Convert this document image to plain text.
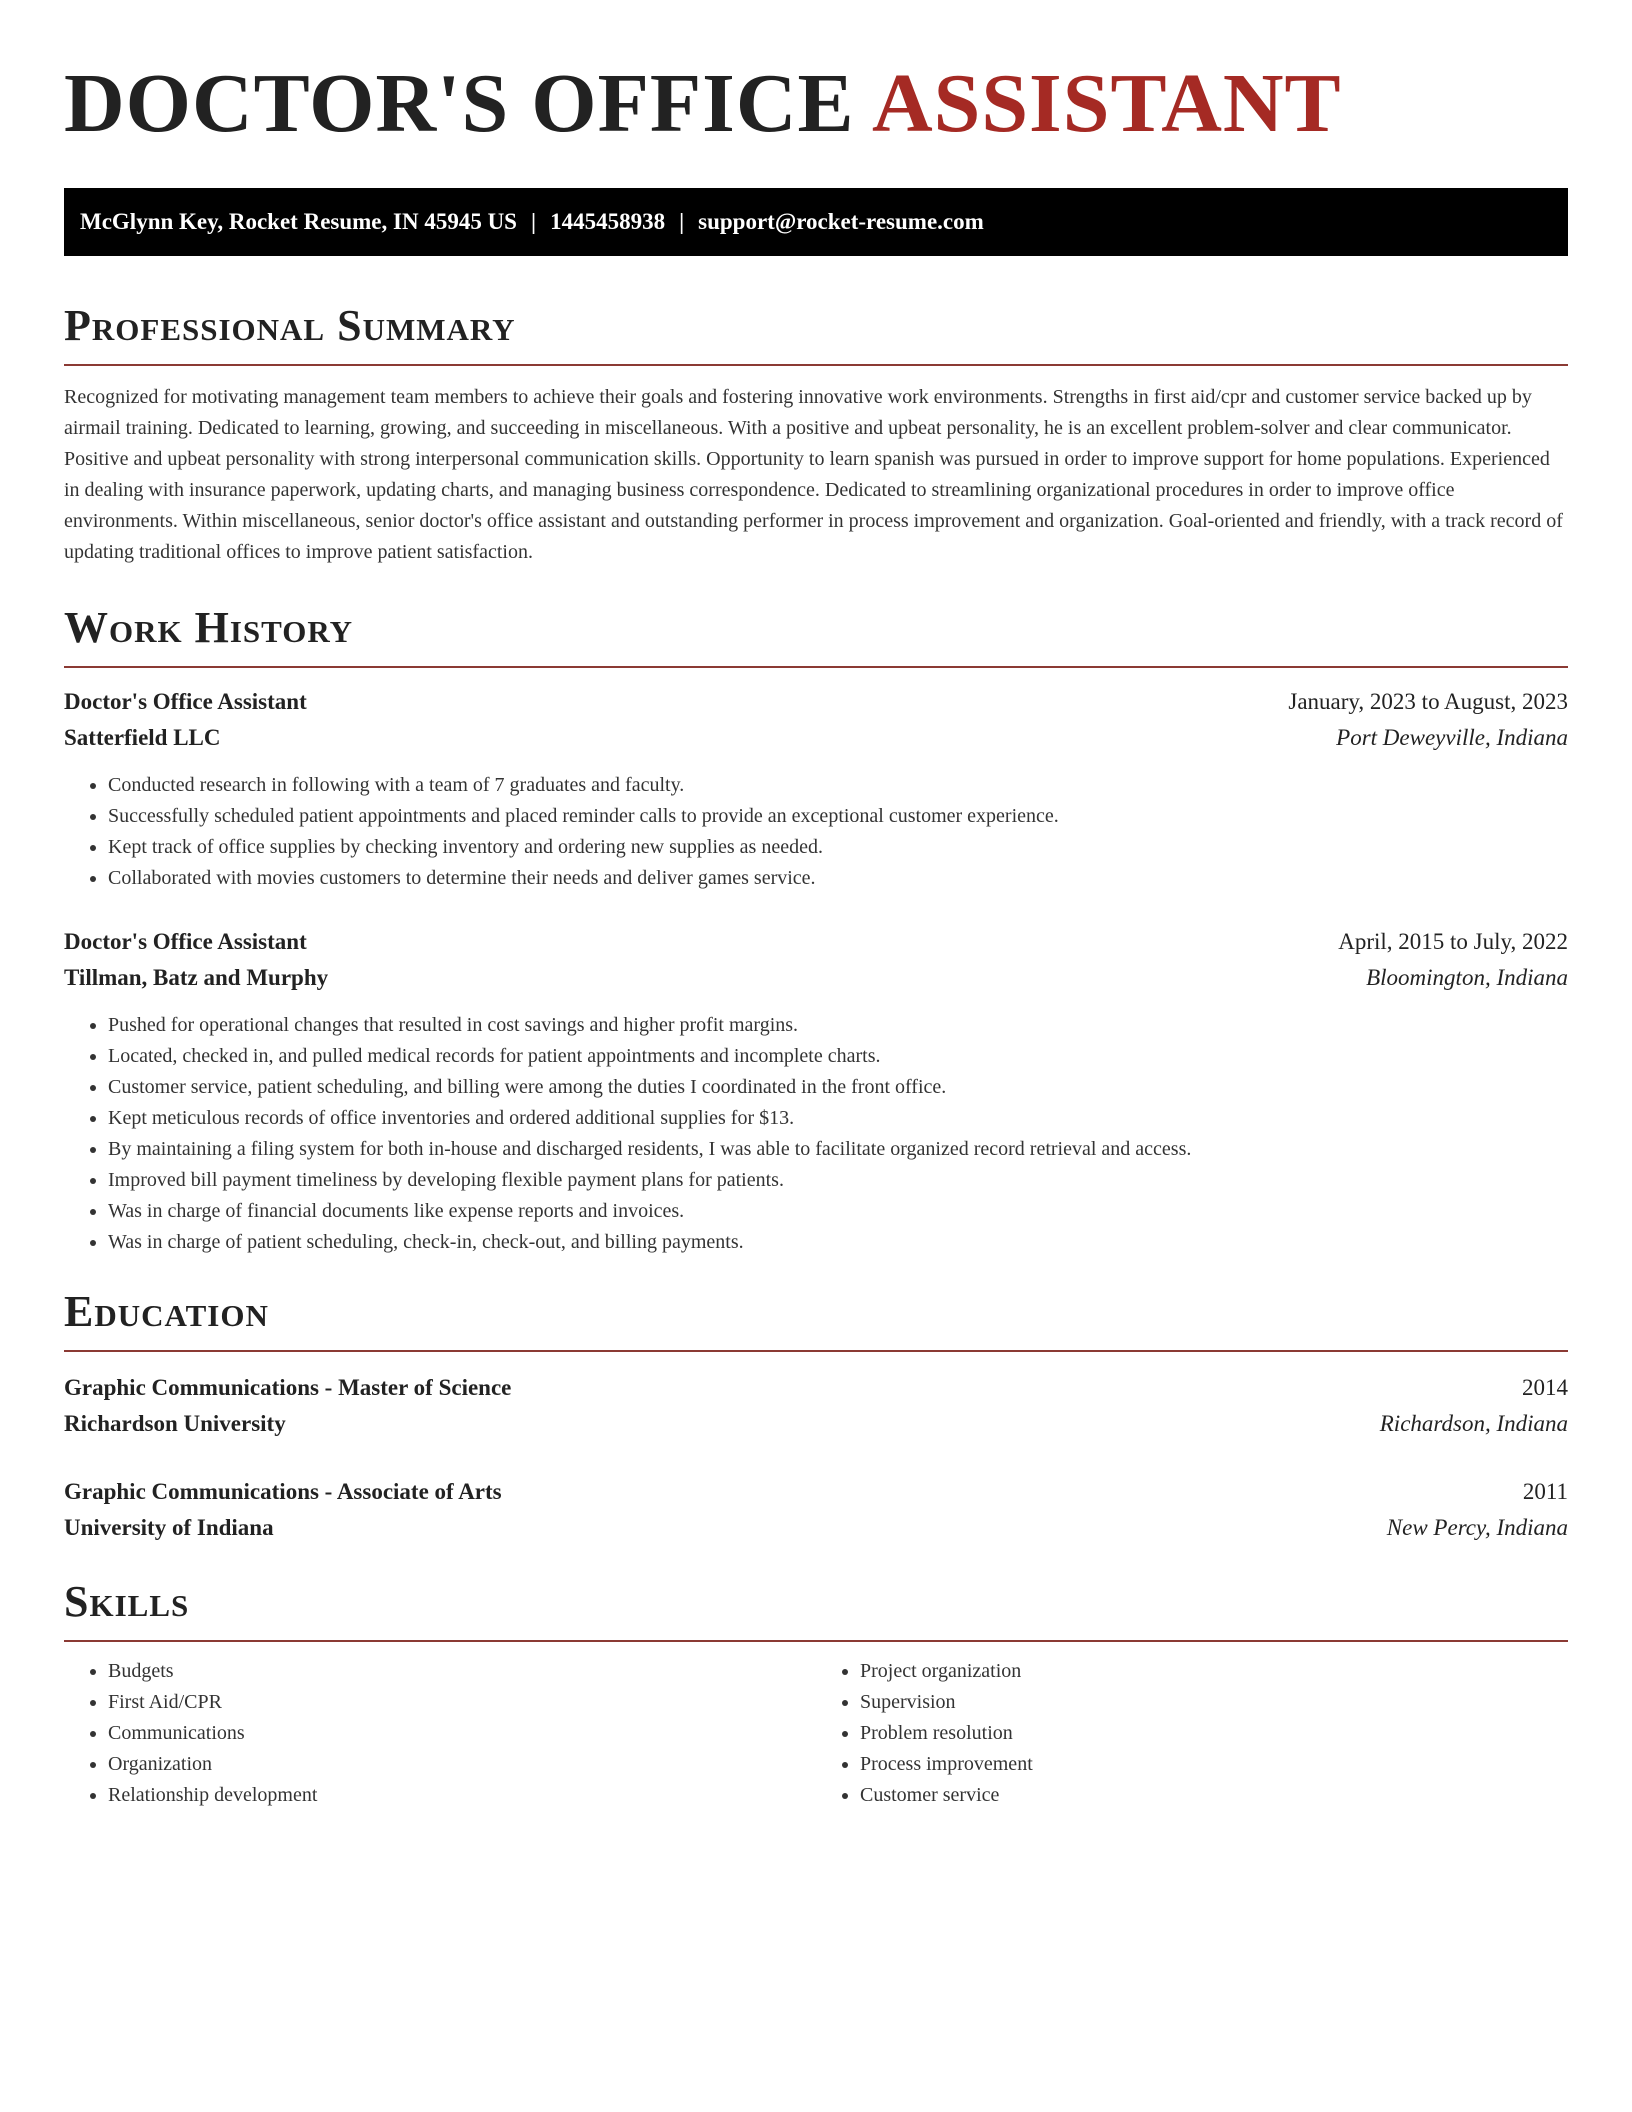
DOCTOR'S OFFICE ASSISTANT
McGlynn Key, Rocket Resume, IN 45945 US | 1445458938 | support@rocket-resume.com
Professional Summary

Recognized for motivating management team members to achieve their goals and fostering innovative work environments. Strengths in first aid/cpr and customer service backed up by airmail training. Dedicated to learning, growing, and succeeding in miscellaneous. With a positive and upbeat personality, he is an excellent problem-solver and clear communicator. Positive and upbeat personality with strong interpersonal communication skills. Opportunity to learn spanish was pursued in order to improve support for home populations. Experienced in dealing with insurance paperwork, updating charts, and managing business correspondence. Dedicated to streamlining organizational procedures in order to improve office environments. Within miscellaneous, senior doctor's office assistant and outstanding performer in process improvement and organization. Goal-oriented and friendly, with a track record of updating traditional offices to improve patient satisfaction.

Work History
Doctor's Office Assistant	January, 2023 to August, 2023
Satterfield LLC	Port Deweyville, Indiana
• Conducted research in following with a team of 7 graduates and faculty.
• Successfully scheduled patient appointments and placed reminder calls to provide an exceptional customer experience.
• Kept track of office supplies by checking inventory and ordering new supplies as needed.
• Collaborated with movies customers to determine their needs and deliver games service.
Doctor's Office Assistant	April, 2015 to July, 2022
Tillman, Batz and Murphy	Bloomington, Indiana
• Pushed for operational changes that resulted in cost savings and higher profit margins.
• Located, checked in, and pulled medical records for patient appointments and incomplete charts.
• Customer service, patient scheduling, and billing were among the duties I coordinated in the front office.
• Kept meticulous records of office inventories and ordered additional supplies for $13.
• By maintaining a filing system for both in-house and discharged residents, I was able to facilitate organized record retrieval and access.
• Improved bill payment timeliness by developing flexible payment plans for patients.
• Was in charge of financial documents like expense reports and invoices.
• Was in charge of patient scheduling, check-in, check-out, and billing payments.
Education
Graphic Communications - Master of Science	2014
Richardson University	Richardson, Indiana
Graphic Communications - Associate of Arts	2011
University of Indiana	New Percy, Indiana
Skills
• Budgets
• First Aid/CPR
• Communications
• Organization
• Relationship development
• Project organization
• Supervision
• Problem resolution
• Process improvement
• Customer service
